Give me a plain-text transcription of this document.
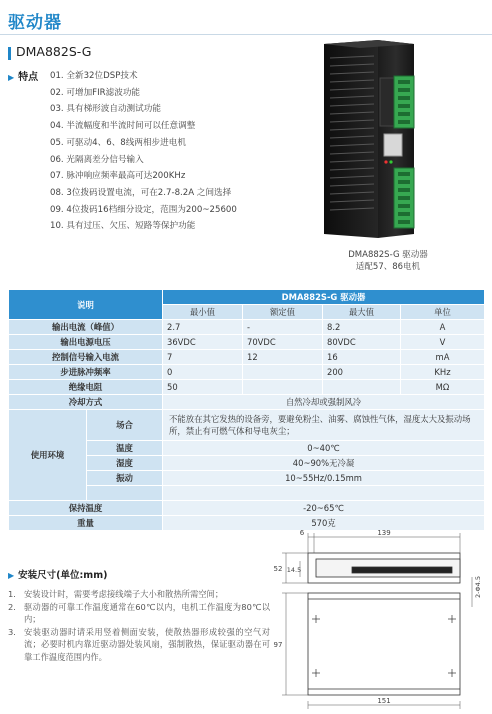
驱动器
DMA882S-G
▶ 特点 01. 全新32位DSP技术
02. 可增加FIR滤波功能
03. 具有梯形波自动测试功能
04. 半流幅度和半流时间可以任意调整
05. 可驱动4、6、8线两相步进电机
06. 光隔离差分信号输入
07. 脉冲响应频率最高可达200KHz
08. 3位拨码设置电流，可在2.7-8.2A 之间选择
09. 4位拨码16档细分设定，范围为200~25600
10. 具有过压、欠压、短路等保护功能
DMA882S-G 驱动器
适配57、86电机
说明		DMA882S-G 驱动器			
		最小值	额定值	最大值	单位
输出电流（峰值）		2.7	-	8.2	A
输出电源电压		36VDC	70VDC	80VDC	V
控制信号输入电流		7	12	16	mA
步进脉冲频率		0		200	KHz
绝缘电阻		50			MΩ
冷却方式		自然冷却或强制风冷			
使用环境	场合	不能放在其它发热的设备旁，要避免粉尘、油雾、腐蚀性气体，湿度太大及振动场所，禁止有可燃气体和导电灰尘；			
	温度	0~40℃			
	湿度	40~90%无冷凝			
	振动	10~55Hz/0.15mm			

保持温度		-20~65℃			
重量		570克			
▶ 安装尺寸(单位:mm)
1. 安装设计时，需要考虑接线端子大小和散热所需空间；
2. 驱动器的可靠工作温度通常在60℃以内，电机工作温度为80℃以内；
3. 安装驱动器时请采用竖着侧面安装，使散热器形成较强的空气对流；必要时机内靠近驱动器处装风扇，强制散热，保证驱动器在可靠工作温度范围内作。
139
6
52 14.5
97
2-Φ4.5
151
